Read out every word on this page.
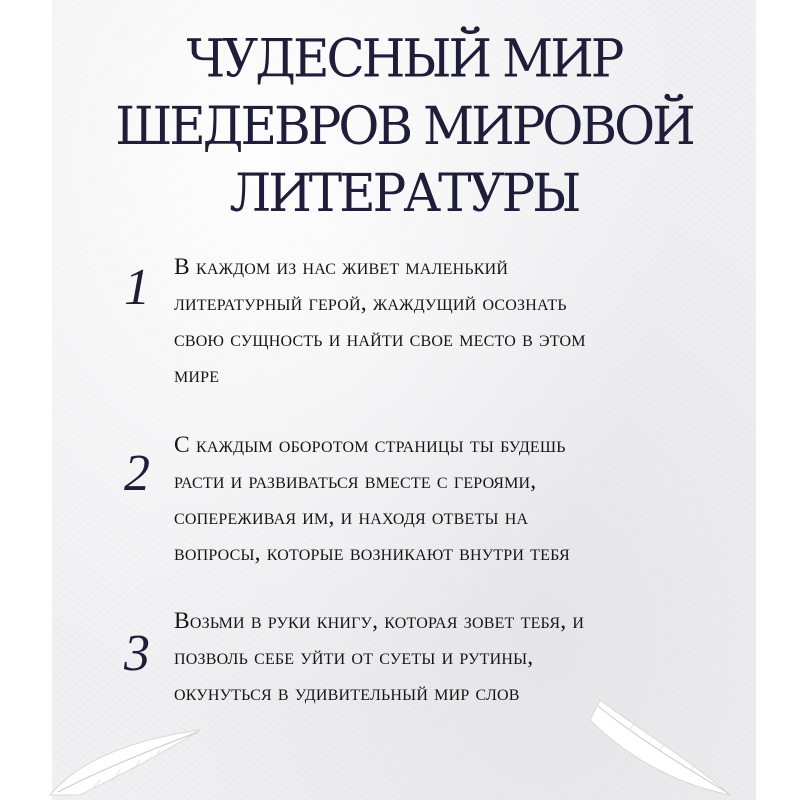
ЧУДЕСНЫЙ МИР
ШЕДЕВРОВ МИРОВОЙ
ЛИТЕРАТУРЫ
1	В каждом из нас живет маленький
литературный герой, жаждущий осознать
свою сущность и найти свое место в этом
мире
2	С каждым оборотом страницы ты будешь
расти и развиваться вместе с героями,
сопереживая им, и находя ответы на
вопросы, которые возникают внутри тебя
3
Возьми в руки книгу, которая зовет тебя, и
позволь себе уйти от суеты и рутины,
окунуться в удивительный мир слов
